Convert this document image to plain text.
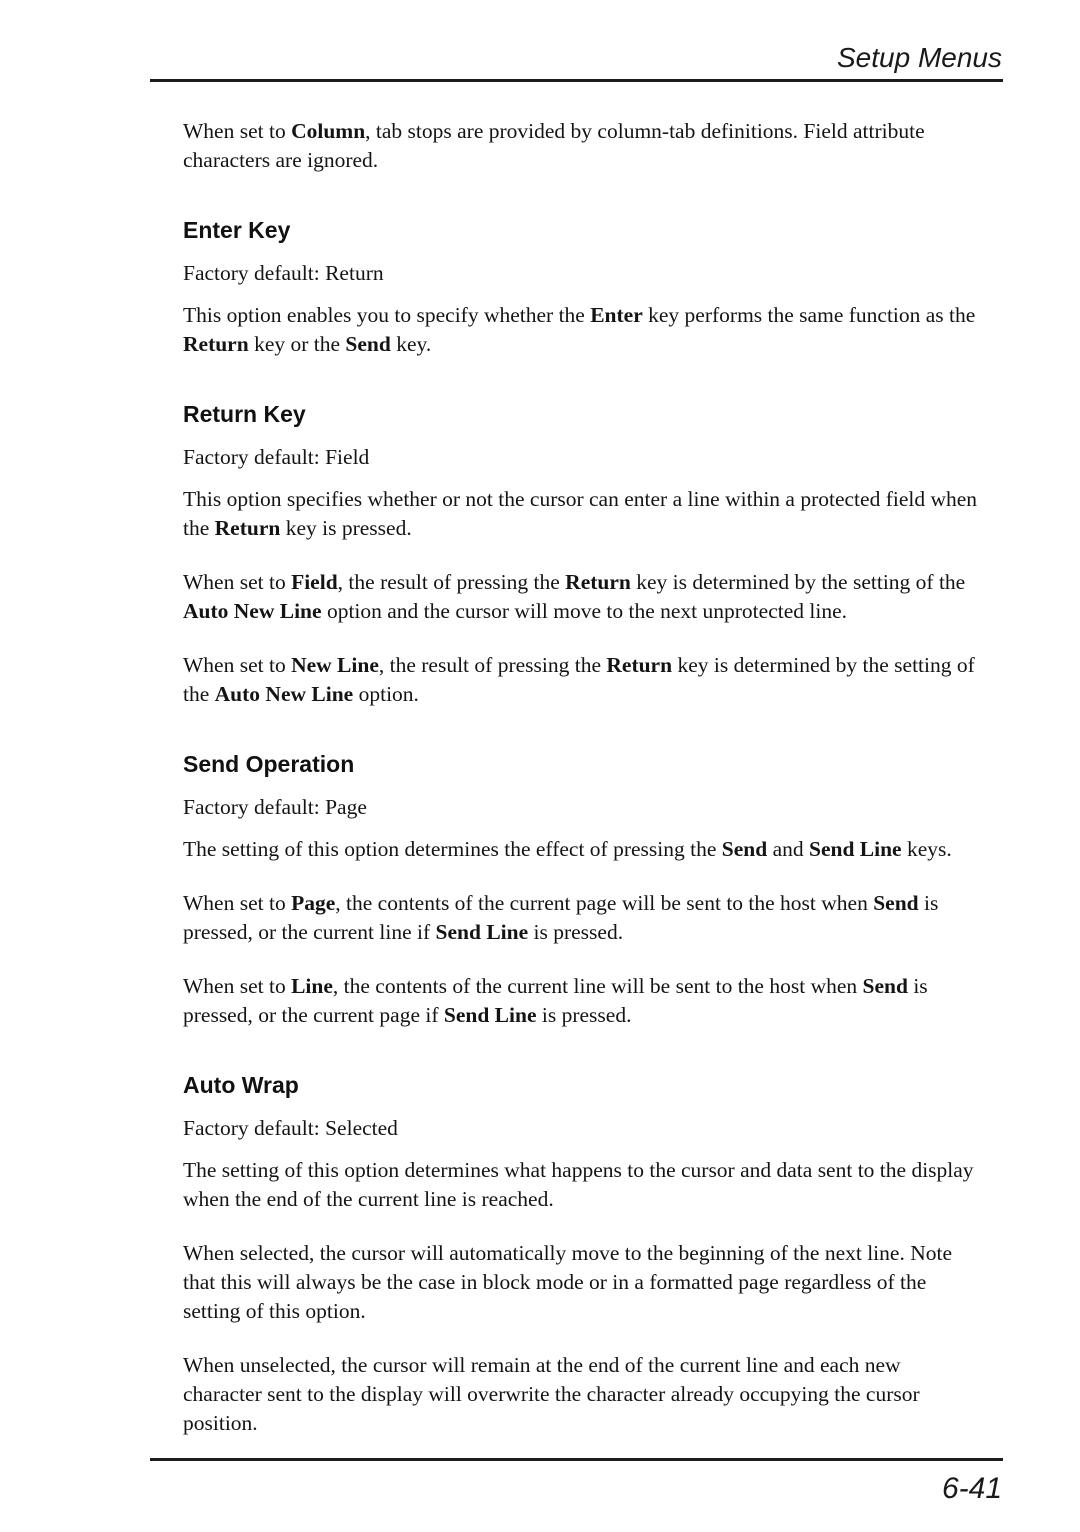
Setup Menus

When set to Column, tab stops are provided by column-tab definitions. Field attribute characters are ignored.

Enter Key

Factory default: Return

This option enables you to specify whether the Enter key performs the same function as the Return key or the Send key.

Return Key

Factory default: Field

This option specifies whether or not the cursor can enter a line within a protected field when the Return key is pressed.

When set to Field, the result of pressing the Return key is determined by the setting of the Auto New Line option and the cursor will move to the next unprotected line.

When set to New Line, the result of pressing the Return key is determined by the setting of the Auto New Line option.

Send Operation

Factory default: Page

The setting of this option determines the effect of pressing the Send and Send Line keys.

When set to Page, the contents of the current page will be sent to the host when Send is pressed, or the current line if Send Line is pressed.

When set to Line, the contents of the current line will be sent to the host when Send is pressed, or the current page if Send Line is pressed.

Auto Wrap

Factory default: Selected

The setting of this option determines what happens to the cursor and data sent to the display when the end of the current line is reached.

When selected, the cursor will automatically move to the beginning of the next line. Note that this will always be the case in block mode or in a formatted page regardless of the setting of this option.

When unselected, the cursor will remain at the end of the current line and each new character sent to the display will overwrite the character already occupying the cursor position.

6-41
